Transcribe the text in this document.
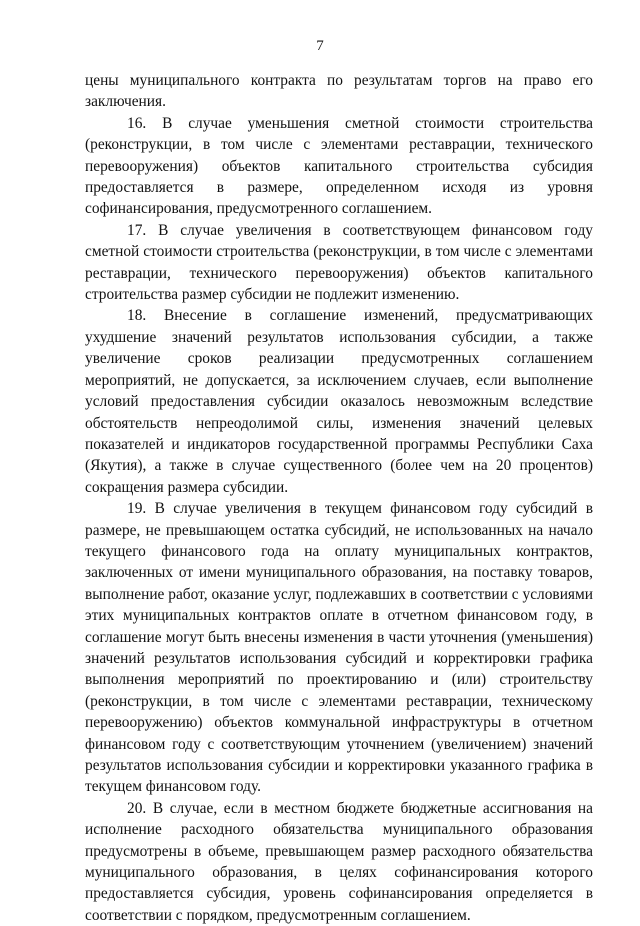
7

цены муниципального контракта по результатам торгов на право его заключения.

16. В случае уменьшения сметной стоимости строительства (реконструкции, в том числе с элементами реставрации, технического перевооружения) объектов капитального строительства субсидия предоставляется в размере, определенном исходя из уровня софинансирования, предусмотренного соглашением.

17. В случае увеличения в соответствующем финансовом году сметной стоимости строительства (реконструкции, в том числе с элементами реставрации, технического перевооружения) объектов капитального строительства размер субсидии не подлежит изменению.

18. Внесение в соглашение изменений, предусматривающих ухудшение значений результатов использования субсидии, а также увеличение сроков реализации предусмотренных соглашением мероприятий, не допускается, за исключением случаев, если выполнение условий предоставления субсидии оказалось невозможным вследствие обстоятельств непреодолимой силы, изменения значений целевых показателей и индикаторов государственной программы Республики Саха (Якутия), а также в случае существенного (более чем на 20 процентов) сокращения размера субсидии.

19. В случае увеличения в текущем финансовом году субсидий в размере, не превышающем остатка субсидий, не использованных на начало текущего финансового года на оплату муниципальных контрактов, заключенных от имени муниципального образования, на поставку товаров, выполнение работ, оказание услуг, подлежавших в соответствии с условиями этих муниципальных контрактов оплате в отчетном финансовом году, в соглашение могут быть внесены изменения в части уточнения (уменьшения) значений результатов использования субсидий и корректировки графика выполнения мероприятий по проектированию и (или) строительству (реконструкции, в том числе с элементами реставрации, техническому перевооружению) объектов коммунальной инфраструктуры в отчетном финансовом году с соответствующим уточнением (увеличением) значений результатов использования субсидии и корректировки указанного графика в текущем финансовом году.

20. В случае, если в местном бюджете бюджетные ассигнования на исполнение расходного обязательства муниципального образования предусмотрены в объеме, превышающем размер расходного обязательства муниципального образования, в целях софинансирования которого предоставляется субсидия, уровень софинансирования определяется в соответствии с порядком, предусмотренным соглашением.
